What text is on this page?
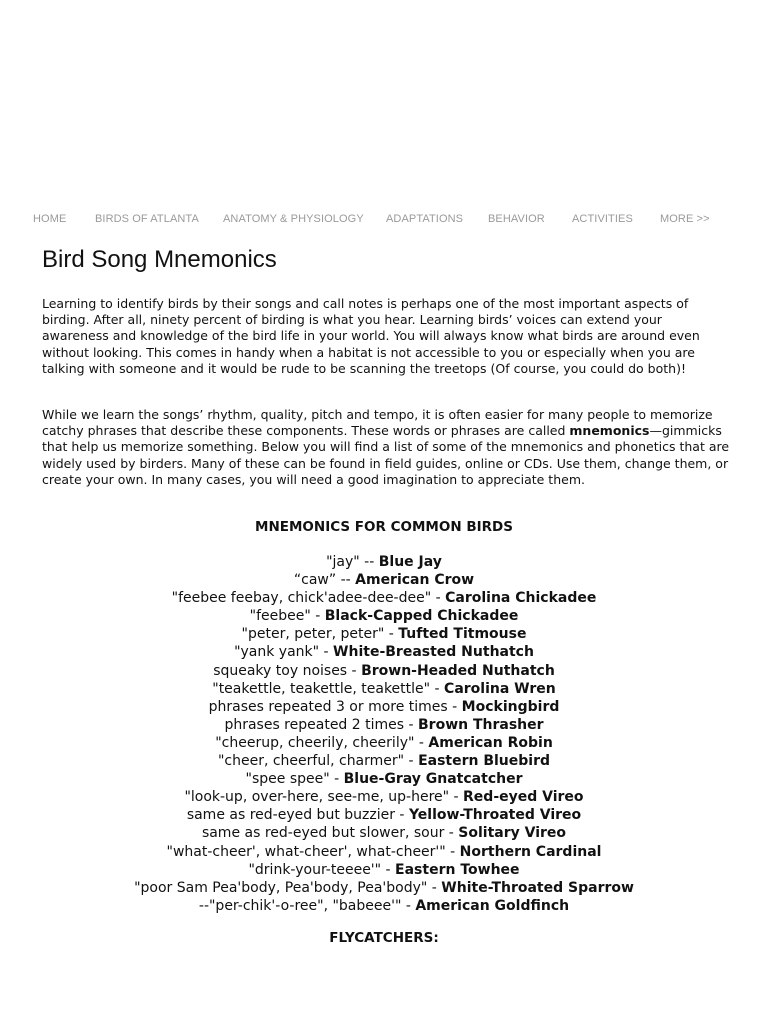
HOME	BIRDS OF ATLANTA ANATOMY & PHYSIOLOGY ADAPTATIONS BEHAVIOR ACTIVITIES MORE >>
Bird Song Mnemonics

Learning to identify birds by their songs and call notes is perhaps one of the most important aspects of birding. After all, ninety percent of birding is what you hear. Learning birds’ voices can extend your awareness and knowledge of the bird life in your world. You will always know what birds are around even without looking. This comes in handy when a habitat is not accessible to you or especially when you are talking with someone and it would be rude to be scanning the treetops (Of course, you could do both)!

While we learn the songs’ rhythm, quality, pitch and tempo, it is often easier for many people to memorize catchy phrases that describe these components. These words or phrases are called mnemonics—gimmicks that help us memorize something. Below you will find a list of some of the mnemonics and phonetics that are widely used by birders. Many of these can be found in field guides, online or CDs. Use them, change them, or create your own. In many cases, you will need a good imagination to appreciate them.

MNEMONICS FOR COMMON BIRDS
"jay" -- Blue Jay
“caw” -- American Crow
"feebee feebay, chick'adee-dee-dee" - Carolina Chickadee
"feebee" - Black-Capped Chickadee
"peter, peter, peter" - Tufted Titmouse
"yank yank" - White-Breasted Nuthatch
squeaky toy noises - Brown-Headed Nuthatch
"teakettle, teakettle, teakettle" - Carolina Wren
phrases repeated 3 or more times - Mockingbird
phrases repeated 2 times - Brown Thrasher
"cheerup, cheerily, cheerily" - American Robin
"cheer, cheerful, charmer" - Eastern Bluebird
"spee spee" - Blue-Gray Gnatcatcher
"look-up, over-here, see-me, up-here" - Red-eyed Vireo
same as red-eyed but buzzier - Yellow-Throated Vireo
same as red-eyed but slower, sour - Solitary Vireo
"what-cheer', what-cheer', what-cheer'" - Northern Cardinal
"drink-your-teeee'" - Eastern Towhee
"poor Sam Pea'body, Pea'body, Pea'body" - White-Throated Sparrow
--"per-chik'-o-ree", "babeee'" - American Goldfinch
FLYCATCHERS:
